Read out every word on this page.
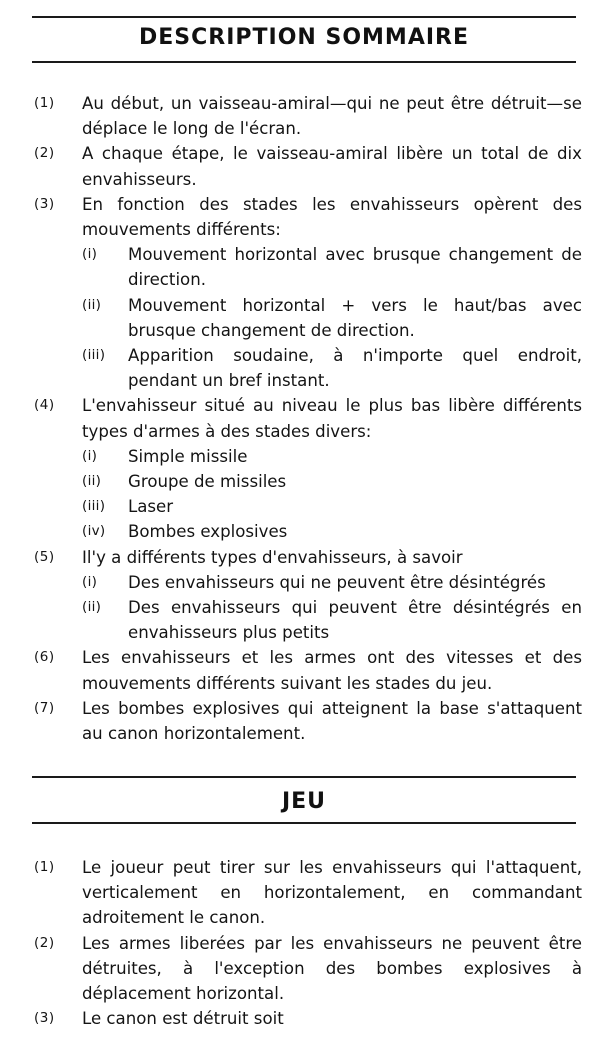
DESCRIPTION SOMMAIRE
(1)	Au début, un vaisseau-amiral—qui ne peut être détruit—se déplace le long de l'écran.
(2)	A chaque étape, le vaisseau-amiral libère un total de dix envahisseurs.
(3)	En fonction des stades les envahisseurs opèrent des mouvements différents:
(i)	Mouvement horizontal avec brusque changement de direction.
(ii)	Mouvement horizontal + vers le haut/bas avec brusque changement de direction.
(iii)	Apparition soudaine, à n'importe quel endroit, pendant un bref instant.
(4)	L'envahisseur situé au niveau le plus bas libère différents types d'armes à des stades divers:
(i)	Simple missile
(ii)	Groupe de missiles
(iii)	Laser
(iv)	Bombes explosives
(5)	Il'y a différents types d'envahisseurs, à savoir
(i)	Des envahisseurs qui ne peuvent être désintégrés
(ii)	Des envahisseurs qui peuvent être désintégrés en envahisseurs plus petits
(6)	Les envahisseurs et les armes ont des vitesses et des mouvements différents suivant les stades du jeu.
(7)	Les bombes explosives qui atteignent la base s'attaquent au canon horizontalement.
JEU
(1)	Le joueur peut tirer sur les envahisseurs qui l'attaquent, verticalement en horizontalement, en commandant adroitement le canon.
(2)	Les armes liberées par les envahisseurs ne peuvent être détruites, à l'exception des bombes explosives à déplacement horizontal.
(3)	Le canon est détruit soit
